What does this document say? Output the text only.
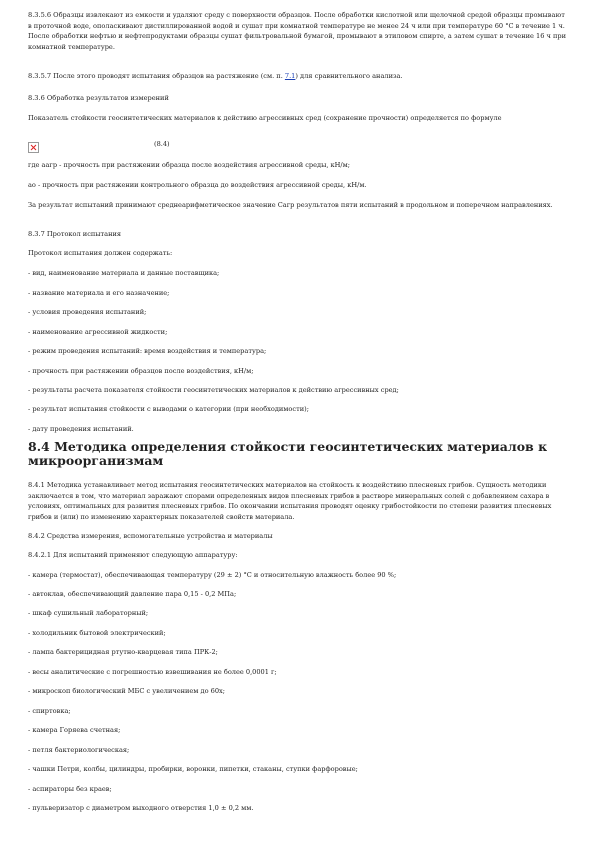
8.3.5.6 Образцы извлекают из емкости и удаляют среду с поверхности образцов. После обработки кислотной или щелочной средой образцы промывают в проточной воде, ополаскивают дистиллированной водой и сушат при комнатной температуре не менее 24 ч или при температуре 60 °С в течение 1 ч. После обработки нефтью и нефтепродуктами образцы сушат фильтровальной бумагой, промывают в этиловом спирте, а затем сушат в течение 16 ч при комнатной температуре.

8.3.5.7 После этого проводят испытания образцов на растяжение (см. п. 7.1) для сравнительного анализа.

8.3.6 Обработка результатов измерений

Показатель стойкости геосинтетических материалов к действию агрессивных сред (сохранение прочности) определяется по формуле

(8.4)

где aагр - прочность при растяжении образца после воздействия агрессивной среды, кН/м;

ao - прочность при растяжении контрольного образца до воздействия агрессивной среды, кН/м.

За результат испытаний принимают среднеарифметическое значение Сагр результатов пяти испытаний в продольном и поперечном направлениях.

8.3.7 Протокол испытания

Протокол испытания должен содержать:

- вид, наименование материала и данные поставщика;

- название материала и его назначение;

- условия проведения испытаний;

- наименование агрессивной жидкости;

- режим проведения испытаний: время воздействия и температура;

- прочность при растяжении образцов после воздействия, кН/м;

- результаты расчета показателя стойкости геосинтетических материалов к действию агрессивных сред;

- результат испытания стойкости с выводами о категории (при необходимости);

- дату проведения испытаний.

8.4 Методика определения стойкости геосинтетических материалов к микроорганизмам

8.4.1 Методика устанавливает метод испытания геосинтетических материалов на стойкость к воздействию плесневых грибов. Сущность методики заключается в том, что материал заражают спорами определенных видов плесневых грибов в растворе минеральных солей с добавлением сахара в условиях, оптимальных для развития плесневых грибов. По окончании испытания проводят оценку грибостойкости по степени развития плесневых грибов и (или) по изменению характерных показателей свойств материала.

8.4.2 Средства измерения, вспомогательные устройства и материалы

8.4.2.1 Для испытаний применяют следующую аппаратуру:

- камера (термостат), обеспечивающая температуру (29 ± 2) °С и относительную влажность более 90 %;

- автоклав, обеспечивающий давление пара 0,15 - 0,2 МПа;

- шкаф сушильный лабораторный;

- холодильник бытовой электрический;

- лампа бактерицидная ртутно-кварцевая типа ПРК-2;

- весы аналитические с погрешностью взвешивания не более 0,0001 г;

- микроскоп биологический МБС с увеличением до 60х;

- спиртовка;

- камера Горяева счетная;

- петля бактериологическая;

- чашки Петри, колбы, цилиндры, пробирки, воронки, пипетки, стаканы, ступки фарфоровые;

- аспираторы без краев;

- пульверизатор с диаметром выходного отверстия 1,0 ± 0,2 мм.
